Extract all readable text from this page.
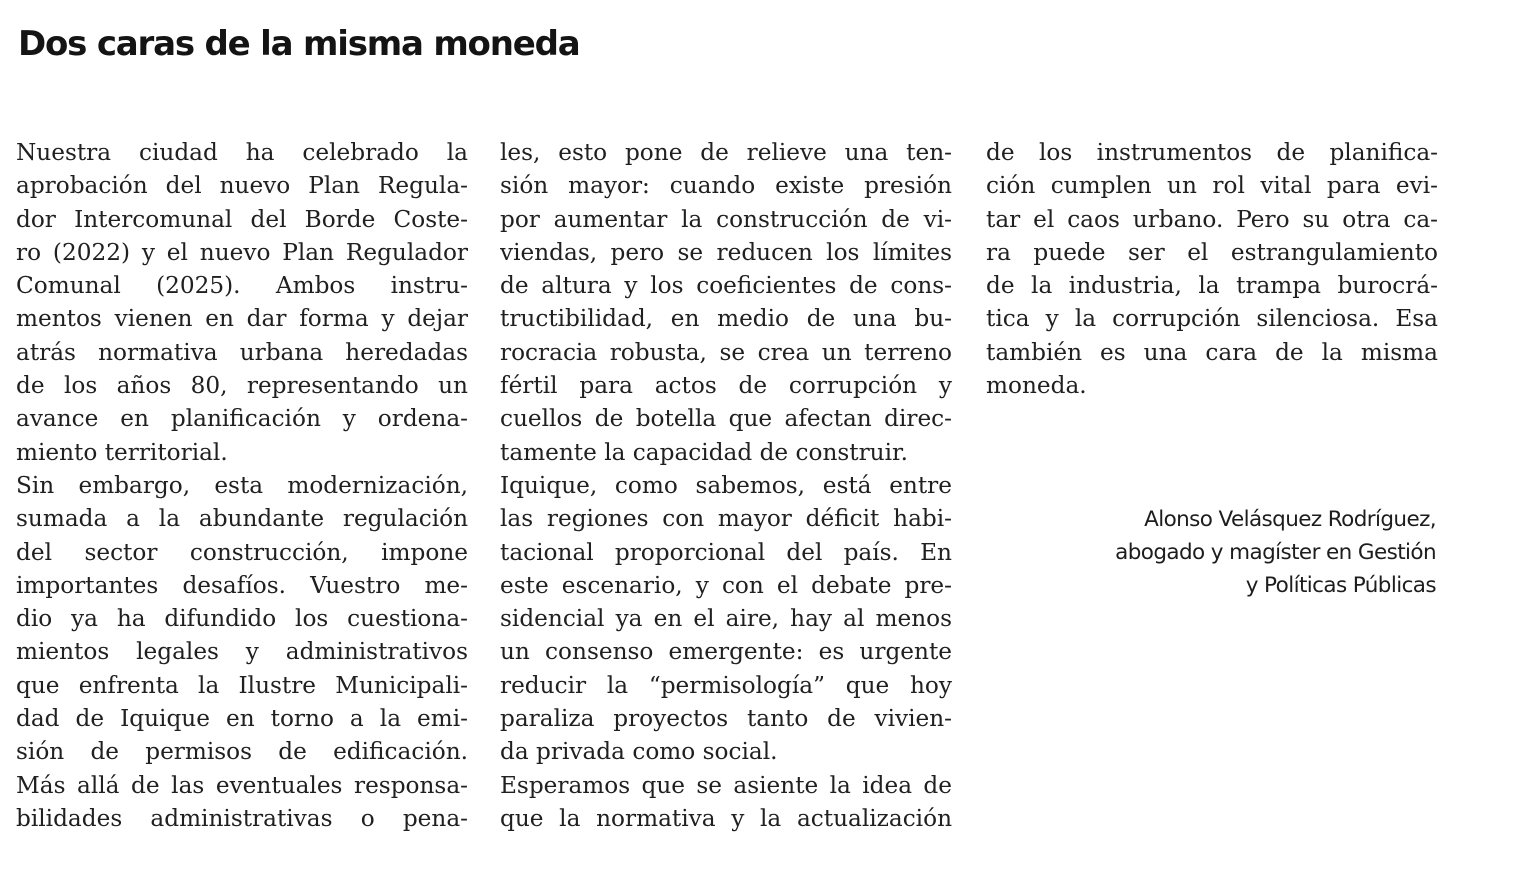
Dos caras de la misma moneda
Nuestra ciudad ha celebrado la
aprobación del nuevo Plan Regula-
dor Intercomunal del Borde Coste-
ro (2022) y el nuevo Plan Regulador
Comunal (2025). Ambos instru-
mentos vienen en dar forma y dejar
atrás normativa urbana heredadas
de los años 80, representando un
avance en planificación y ordena-
miento territorial.
Sin embargo, esta modernización,
sumada a la abundante regulación
del sector construcción, impone
importantes desafíos. Vuestro me-
dio ya ha difundido los cuestiona-
mientos legales y administrativos
que enfrenta la Ilustre Municipali-
dad de Iquique en torno a la emi-
sión de permisos de edificación.
Más allá de las eventuales responsa-
bilidades administrativas o pena-
les, esto pone de relieve una ten-
sión mayor: cuando existe presión
por aumentar la construcción de vi-
viendas, pero se reducen los límites
de altura y los coeficientes de cons-
tructibilidad, en medio de una bu-
rocracia robusta, se crea un terreno
fértil para actos de corrupción y
cuellos de botella que afectan direc-
tamente la capacidad de construir.
Iquique, como sabemos, está entre
las regiones con mayor déficit habi-
tacional proporcional del país. En
este escenario, y con el debate pre-
sidencial ya en el aire, hay al menos
un consenso emergente: es urgente
reducir la “permisología” que hoy
paraliza proyectos tanto de vivien-
da privada como social.
Esperamos que se asiente la idea de
que la normativa y la actualización
de los instrumentos de planifica-
ción cumplen un rol vital para evi-
tar el caos urbano. Pero su otra ca-
ra puede ser el estrangulamiento
de la industria, la trampa burocrá-
tica y la corrupción silenciosa. Esa
también es una cara de la misma
moneda.
Alonso Velásquez Rodríguez,
abogado y magíster en Gestión
y Políticas Públicas
